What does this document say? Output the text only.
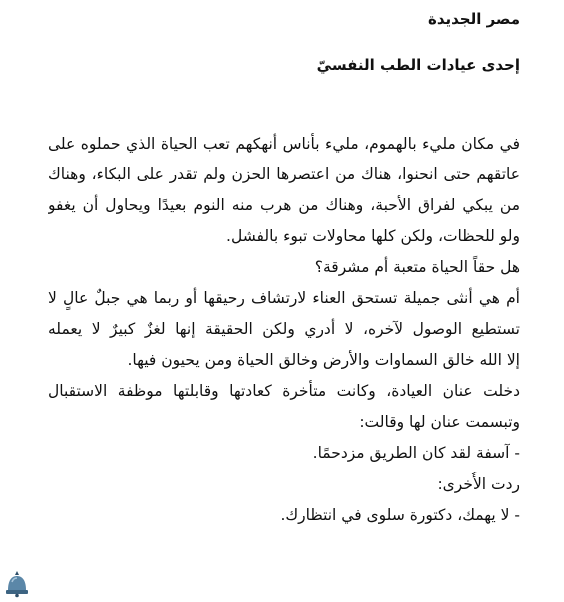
مصر الجديدة
إحدى عيادات الطب النفسيّ
في مكان مليء بالهموم، مليء بأناس أنهكهم تعب الحياة الذي حملوه على
عاتقهم حتى انحنوا، هناك من اعتصرها الحزن ولم تقدر على البكاء، وهناك
من يبكي لفراق الأحبة، وهناك من هرب منه النوم بعيدًا ويحاول أن يغفو
ولو للحظات، ولكن كلها محاولات تبوء بالفشل.
هل حقاً الحياة متعبة أم مشرقة؟
أم هي أنثى جميلة تستحق العناء لارتشاف رحيقها أو ربما هي جبلٌ عالٍ لا
تستطيع الوصول لآخره، لا أدري ولكن الحقيقة إنها لغزٌ كبيرٌ لا يعمله
إلا الله خالق السماوات والأرض وخالق الحياة ومن يحيون فيها.
دخلت عنان العيادة، وكانت متأخرة كعادتها وقابلتها موظفة الاستقبال
وتبسمت عنان لها وقالت:
- آسفة لقد كان الطريق مزدحمًا.
ردت الأُخرى:
- لا يهمك، دكتورة سلوى في انتظارك.
